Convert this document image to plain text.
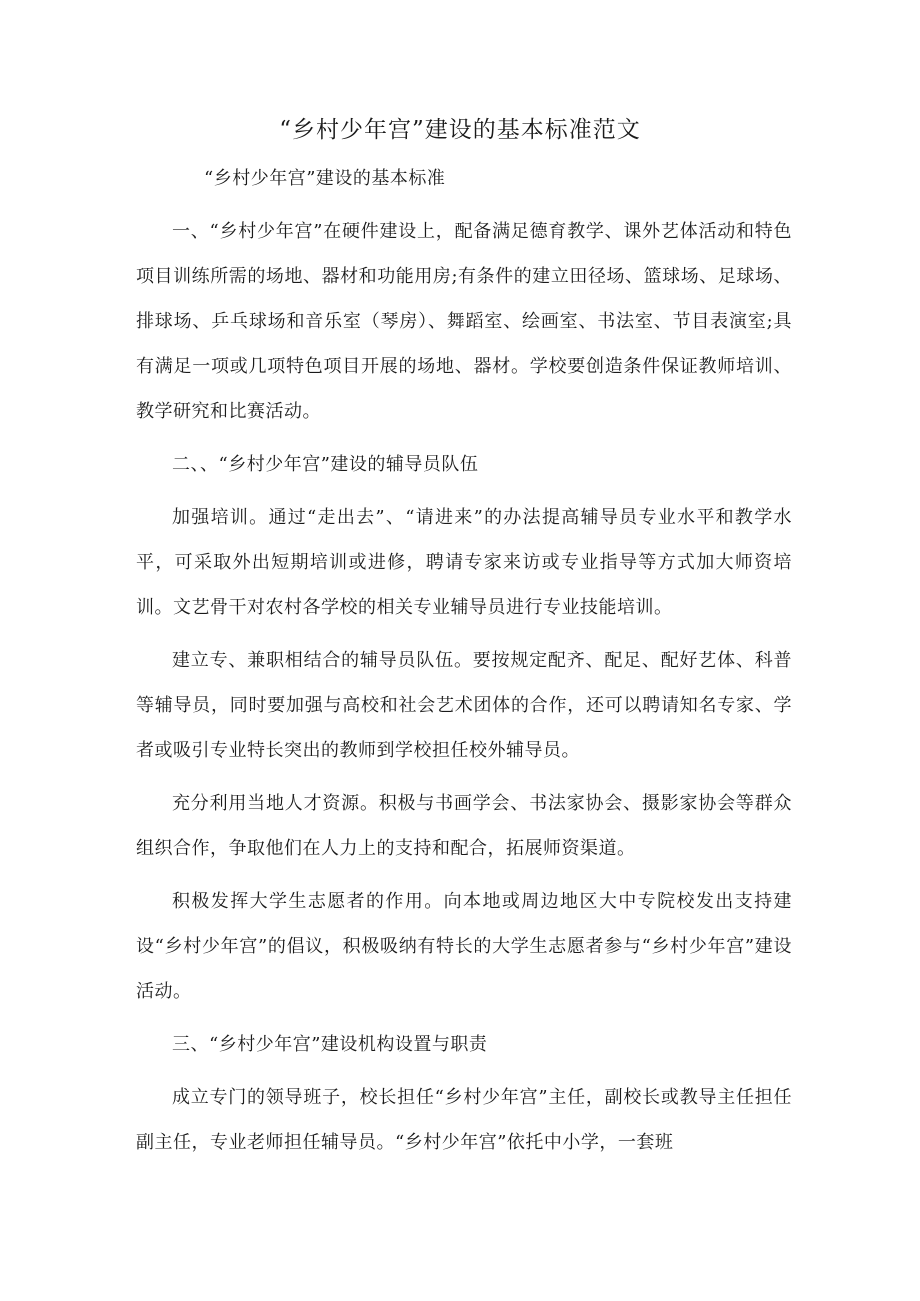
“乡村少年宫”建设的基本标准范文

“乡村少年宫”建设的基本标准

一、“乡村少年宫”在硬件建设上，配备满足德育教学、课外艺体活动和特色项目训练所需的场地、器材和功能用房;有条件的建立田径场、篮球场、足球场、排球场、乒乓球场和音乐室（琴房）、舞蹈室、绘画室、书法室、节目表演室;具有满足一项或几项特色项目开展的场地、器材。学校要创造条件保证教师培训、教学研究和比赛活动。

二、、“乡村少年宫”建设的辅导员队伍

加强培训。通过“走出去”、“请进来”的办法提高辅导员专业水平和教学水平，可采取外出短期培训或进修，聘请专家来访或专业指导等方式加大师资培训。文艺骨干对农村各学校的相关专业辅导员进行专业技能培训。

建立专、兼职相结合的辅导员队伍。要按规定配齐、配足、配好艺体、科普等辅导员，同时要加强与高校和社会艺术团体的合作，还可以聘请知名专家、学者或吸引专业特长突出的教师到学校担任校外辅导员。

充分利用当地人才资源。积极与书画学会、书法家协会、摄影家协会等群众组织合作，争取他们在人力上的支持和配合，拓展师资渠道。

积极发挥大学生志愿者的作用。向本地或周边地区大中专院校发出支持建设“乡村少年宫”的倡议，积极吸纳有特长的大学生志愿者参与“乡村少年宫”建设活动。

三、“乡村少年宫”建设机构设置与职责

成立专门的领导班子，校长担任“乡村少年宫”主任，副校长或教导主任担任副主任，专业老师担任辅导员。“乡村少年宫”依托中小学，一套班
